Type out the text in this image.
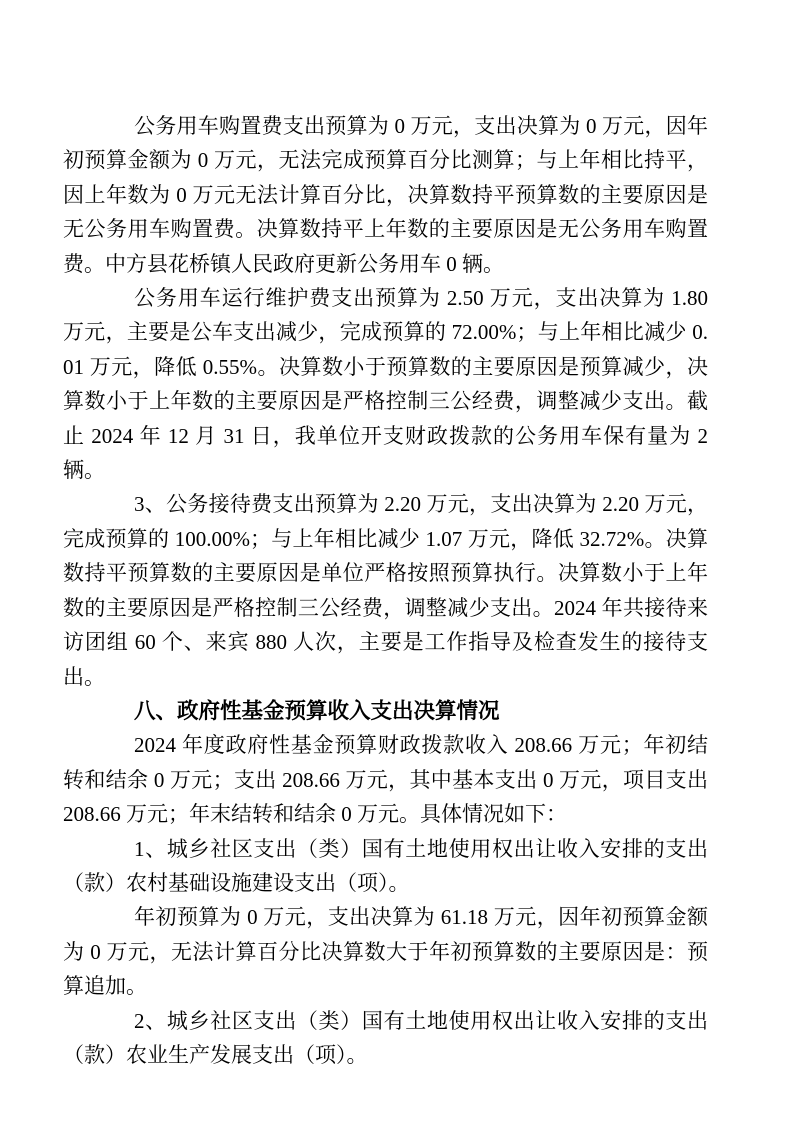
公务用车购置费支出预算为 0 万元，支出决算为 0 万元，因年初预算金额为 0 万元，无法完成预算百分比测算；与上年相比持平，因上年数为 0 万元无法计算百分比，决算数持平预算数的主要原因是无公务用车购置费。决算数持平上年数的主要原因是无公务用车购置费。中方县花桥镇人民政府更新公务用车 0 辆。

公务用车运行维护费支出预算为 2.50 万元，支出决算为 1.80 万元，主要是公车支出减少，完成预算的 72.00%；与上年相比减少 0.01 万元，降低 0.55%。决算数小于预算数的主要原因是预算减少，决算数小于上年数的主要原因是严格控制三公经费，调整减少支出。截止 2024 年 12 月 31 日，我单位开支财政拨款的公务用车保有量为 2 辆。

3、公务接待费支出预算为 2.20 万元，支出决算为 2.20 万元，完成预算的 100.00%；与上年相比减少 1.07 万元，降低 32.72%。决算数持平预算数的主要原因是单位严格按照预算执行。决算数小于上年数的主要原因是严格控制三公经费，调整减少支出。2024 年共接待来访团组 60 个、来宾 880 人次，主要是工作指导及检查发生的接待支出。

八、政府性基金预算收入支出决算情况

2024 年度政府性基金预算财政拨款收入 208.66 万元；年初结转和结余 0 万元；支出 208.66 万元，其中基本支出 0 万元，项目支出 208.66 万元；年末结转和结余 0 万元。具体情况如下：

1、城乡社区支出（类）国有土地使用权出让收入安排的支出（款）农村基础设施建设支出（项）。

年初预算为 0 万元，支出决算为 61.18 万元，因年初预算金额为 0 万元，无法计算百分比决算数大于年初预算数的主要原因是：预算追加。

2、城乡社区支出（类）国有土地使用权出让收入安排的支出（款）农业生产发展支出（项）。
